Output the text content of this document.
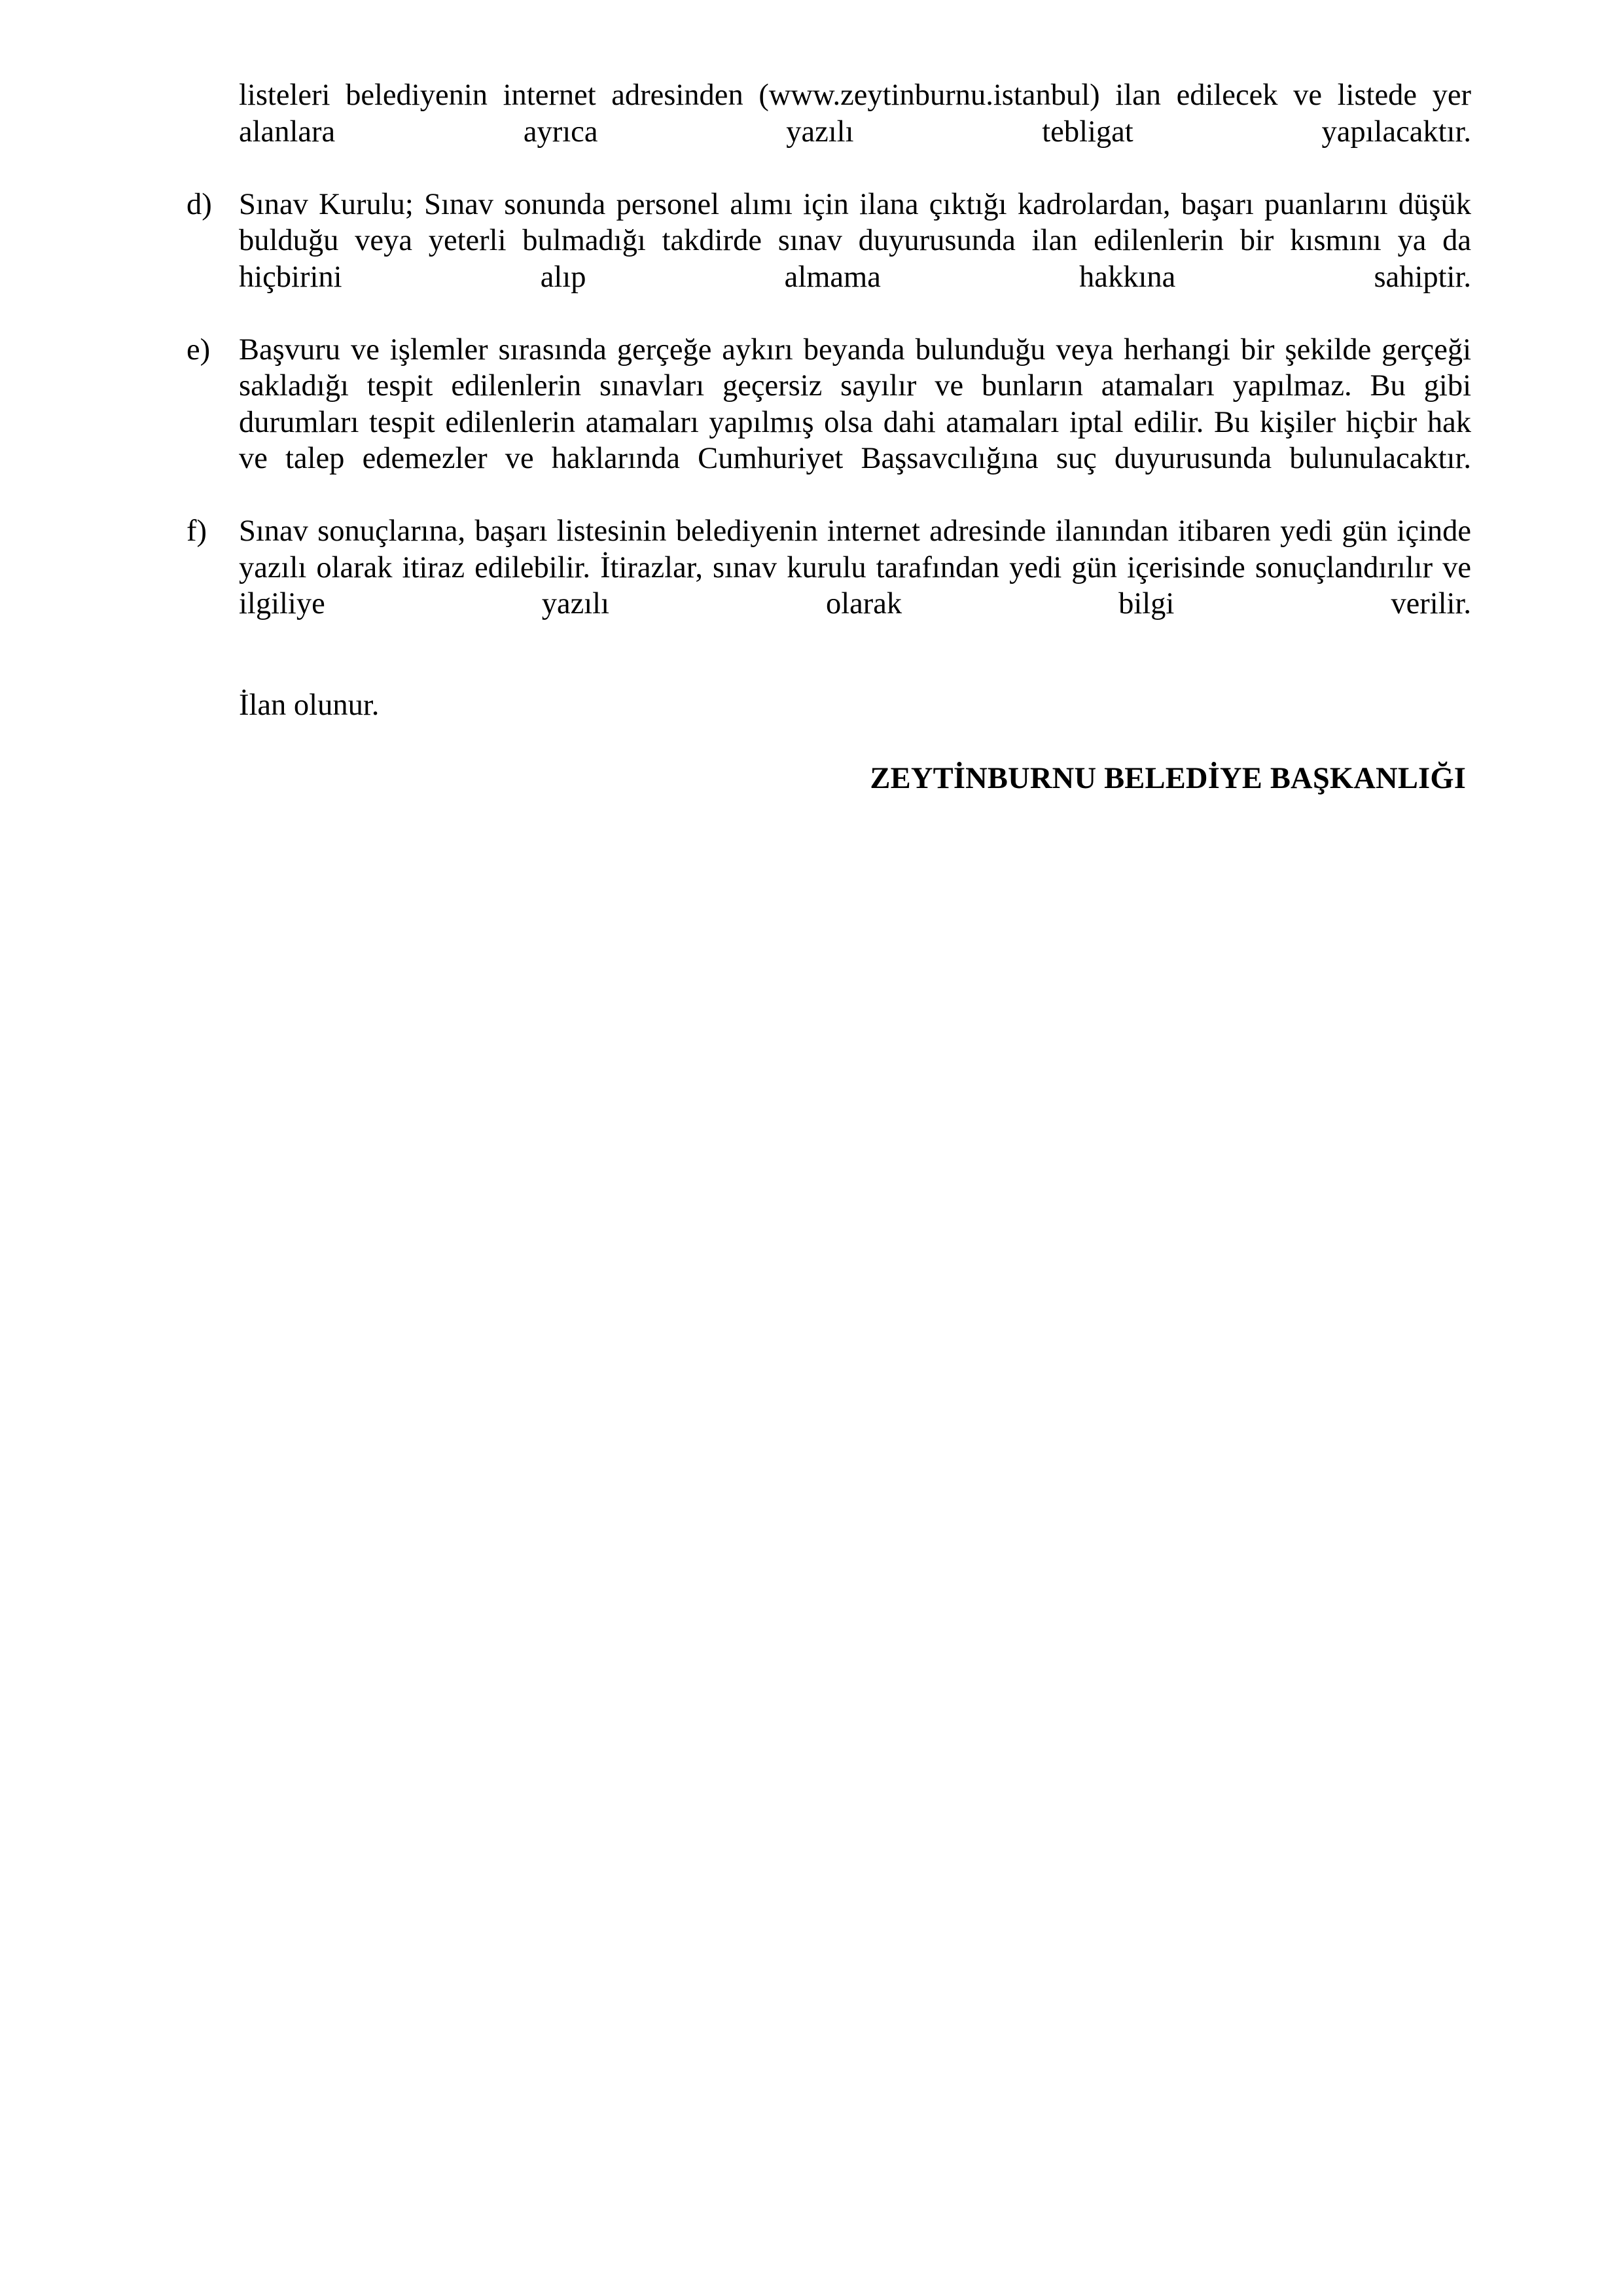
listeleri belediyenin internet adresinden (www.zeytinburnu.istanbul) ilan edilecek ve listede yer alanlara ayrıca yazılı tebligat yapılacaktır.

d) Sınav Kurulu; Sınav sonunda personel alımı için ilana çıktığı kadrolardan, başarı puanlarını düşük bulduğu veya yeterli bulmadığı takdirde sınav duyurusunda ilan edilenlerin bir kısmını ya da hiçbirini alıp almama hakkına sahiptir.
e) Başvuru ve işlemler sırasında gerçeğe aykırı beyanda bulunduğu veya herhangi bir şekilde gerçeği sakladığı tespit edilenlerin sınavları geçersiz sayılır ve bunların atamaları yapılmaz. Bu gibi durumları tespit edilenlerin atamaları yapılmış olsa dahi atamaları iptal edilir. Bu kişiler hiçbir hak ve talep edemezler ve haklarında Cumhuriyet Başsavcılığına suç duyurusunda bulunulacaktır.
f)	Sınav sonuçlarına, başarı listesinin belediyenin internet adresinde ilanından itibaren yedi gün içinde yazılı olarak itiraz edilebilir. İtirazlar, sınav kurulu tarafından yedi gün içerisinde sonuçlandırılır ve ilgiliye yazılı olarak bilgi verilir.

İlan olunur.

ZEYTİNBURNU BELEDİYE BAŞKANLIĞI
